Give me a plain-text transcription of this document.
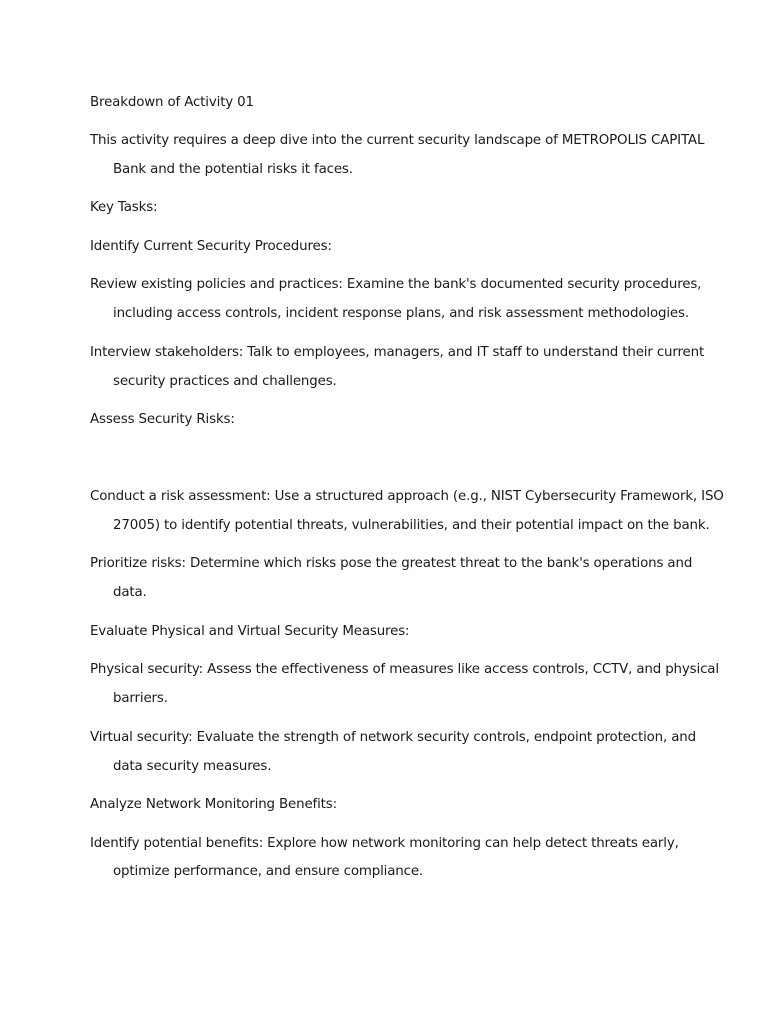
Breakdown of Activity 01
This activity requires a deep dive into the current security landscape of METROPOLIS CAPITAL
Bank and the potential risks it faces.
Key Tasks:
Identify Current Security Procedures:
Review existing policies and practices: Examine the bank's documented security procedures,
including access controls, incident response plans, and risk assessment methodologies.
Interview stakeholders: Talk to employees, managers, and IT staff to understand their current
security practices and challenges.
Assess Security Risks:
Conduct a risk assessment: Use a structured approach (e.g., NIST Cybersecurity Framework, ISO
27005) to identify potential threats, vulnerabilities, and their potential impact on the bank.
Prioritize risks: Determine which risks pose the greatest threat to the bank's operations and
data.
Evaluate Physical and Virtual Security Measures:
Physical security: Assess the effectiveness of measures like access controls, CCTV, and physical
barriers.
Virtual security: Evaluate the strength of network security controls, endpoint protection, and
data security measures.
Analyze Network Monitoring Benefits:
Identify potential benefits: Explore how network monitoring can help detect threats early,
optimize performance, and ensure compliance.
